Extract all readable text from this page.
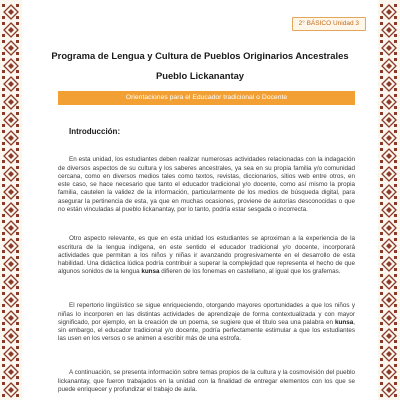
2° BÁSICO Unidad 3
Programa de Lengua y Cultura de Pueblos Originarios Ancestrales
Pueblo Lickanantay
Orientaciones para el Educador tradicional o Docente
Introducción:

En esta unidad, los estudiantes deben realizar numerosas actividades relacionadas con la indagación de diversos aspectos de su cultura y los saberes ancestrales, ya sea en su propia familia y/o comunidad cercana, como en diversos medios tales como textos, revistas, diccionarios, sitios web entre otros, en este caso, se hace necesario que tanto el educador tradicional y/o docente, como así mismo la propia familia, cautelen la validez de la información, particularmente de los medios de búsqueda digital, para asegurar la pertinencia de esta, ya que en muchas ocasiones, proviene de autorías desconocidas o que no están vinculadas al pueblo lickanantay, por lo tanto, podría estar sesgada o incorrecta.

Otro aspecto relevante, es que en esta unidad los estudiantes se aproximan a la experiencia de la escritura de la lengua indígena, en este sentido el educador tradicional y/o docente, incorporará actividades que permitan a los niños y niñas ir avanzando progresivamente en el desarrollo de esta habilidad. Una didáctica lúdica podría contribuir a superar la complejidad que representa el hecho de que algunos sonidos de la lengua kunsa difieren de los fonemas en castellano, al igual que los grafemas.

El repertorio lingüístico se sigue enriqueciendo, otorgando mayores oportunidades a que los niños y niñas lo incorporen en las distintas actividades de aprendizaje de forma contextualizada y con mayor significado, por ejemplo, en la creación de un poema, se sugiere que el título sea una palabra en kunsa, sin embargo, el educador tradicional y/o docente, podría perfectamente estimular a que los estudiantes las usen en los versos o se animen a escribir más de una estrofa.

A continuación, se presenta información sobre temas propios de la cultura y la cosmovisión del pueblo lickanantay, que fueron trabajados en la unidad con la finalidad de entregar elementos con los que se puede enriquecer y profundizar el trabajo de aula.
